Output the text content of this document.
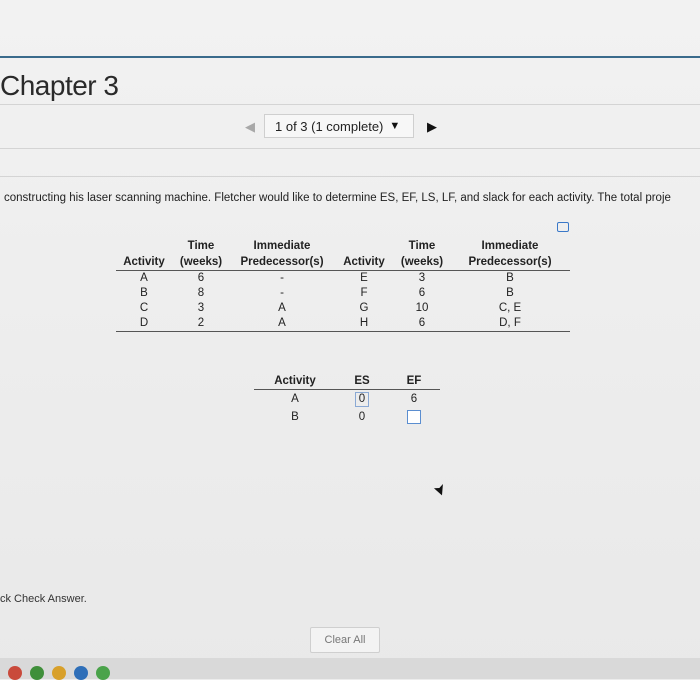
Chapter 3
◀ 1 of 3 (1 complete) ▼ ▶
constructing his laser scanning machine. Fletcher would like to determine ES, EF, LS, LF, and slack for each activity. The total proje
	Time	Immediate		Time	Immediate
Activity	(weeks)	Predecessor(s)	Activity	(weeks)	Predecessor(s)
A	6	-	E	3	B
B	8	-	F	6	B
C	3	A	G	10	C, E
D	2	A	H	6	D, F
Activity	ES	EF
A	0	6
B	0	
ck Check Answer.
Clear All
